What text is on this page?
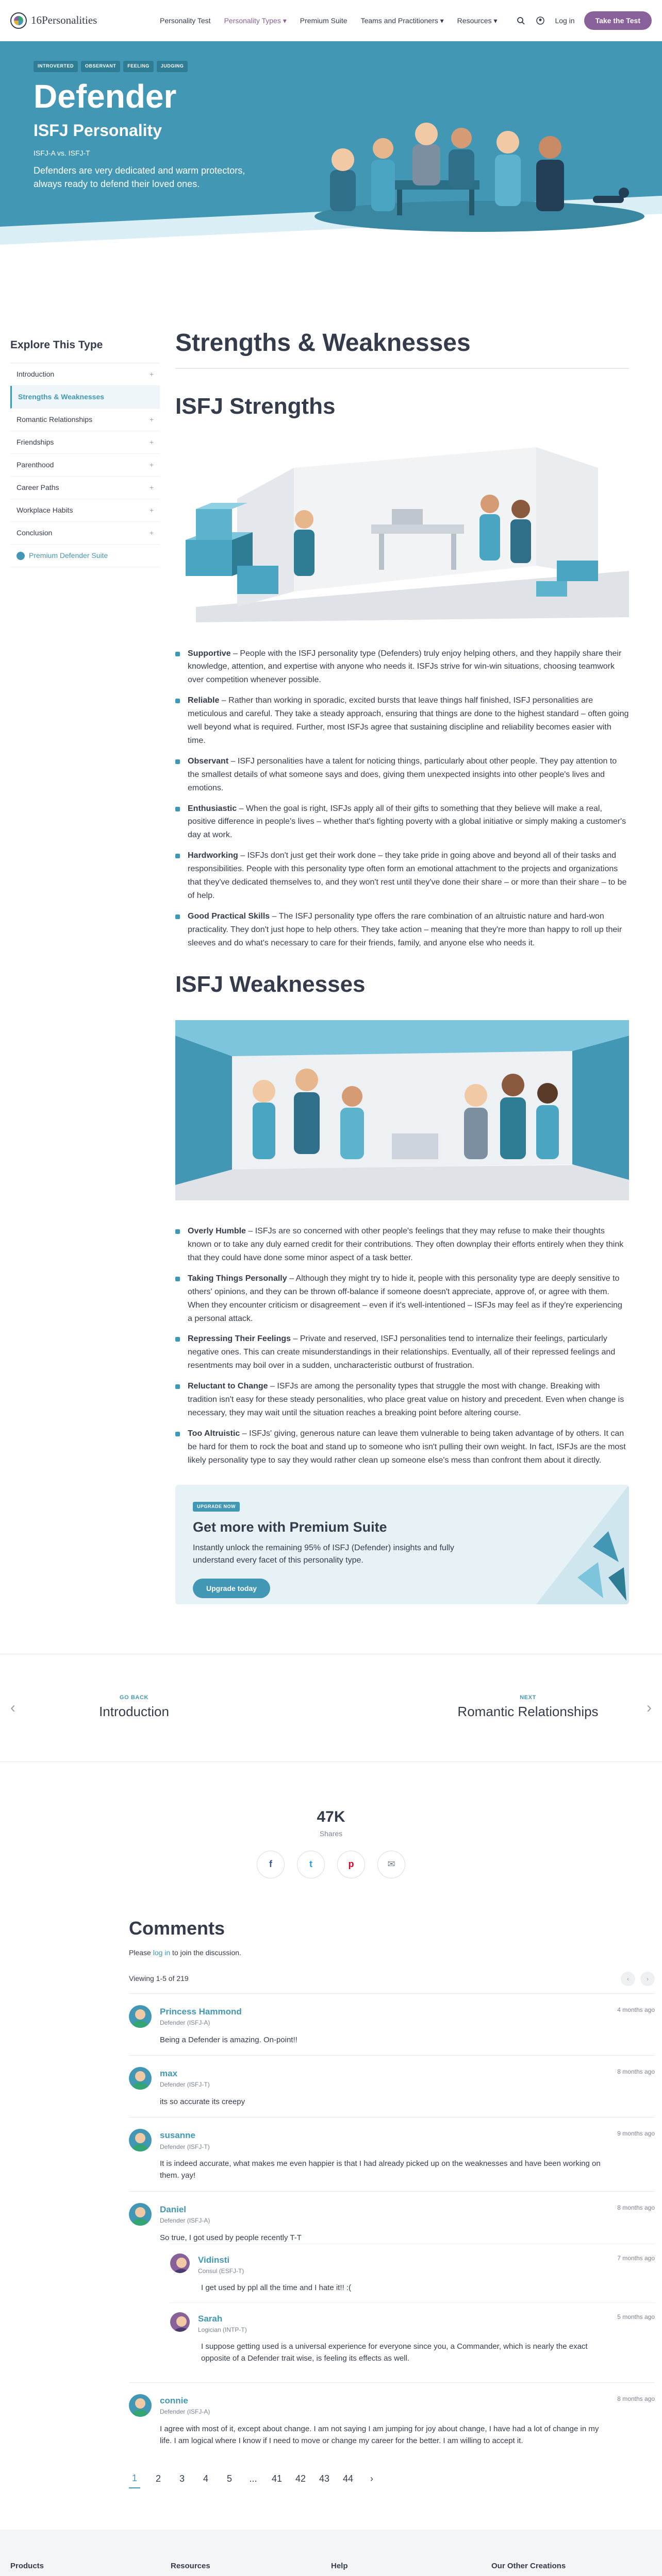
16Personalities	Personality Test Personality Types ▾ Premium Suite Teams and Practitioners ▾ Resources ▾	Log in	Take the Test
INTROVERTED	OBSERVANT	FEELING	JUDGING
Defender
ISFJ Personality
ISFJ-A vs. ISFJ-T
Defenders are very dedicated and warm protectors, always ready to defend their loved ones.
Explore This Type
Introduction	+
Strengths & Weaknesses
Romantic Relationships	+
Friendships	+
Parenthood	+
Career Paths	+
Workplace Habits	+
Conclusion	+
Premium Defender Suite
Strengths & Weaknesses
ISFJ Strengths
Supportive – People with the ISFJ personality type (Defenders) truly enjoy helping others, and they happily share their knowledge, attention, and expertise with anyone who needs it. ISFJs strive for win-win situations, choosing teamwork over competition whenever possible.
Reliable – Rather than working in sporadic, excited bursts that leave things half finished, ISFJ personalities are meticulous and careful. They take a steady approach, ensuring that things are done to the highest standard – often going well beyond what is required. Further, most ISFJs agree that sustaining discipline and reliability becomes easier with time.
Observant – ISFJ personalities have a talent for noticing things, particularly about other people. They pay attention to the smallest details of what someone says and does, giving them unexpected insights into other people's lives and emotions.
Enthusiastic – When the goal is right, ISFJs apply all of their gifts to something that they believe will make a real, positive difference in people's lives – whether that's fighting poverty with a global initiative or simply making a customer's day at work.
Hardworking – ISFJs don't just get their work done – they take pride in going above and beyond all of their tasks and responsibilities. People with this personality type often form an emotional attachment to the projects and organizations that they've dedicated themselves to, and they won't rest until they've done their share – or more than their share – to be of help.
Good Practical Skills – The ISFJ personality type offers the rare combination of an altruistic nature and hard-won practicality. They don't just hope to help others. They take action – meaning that they're more than happy to roll up their sleeves and do what's necessary to care for their friends, family, and anyone else who needs it.
ISFJ Weaknesses
Overly Humble – ISFJs are so concerned with other people's feelings that they may refuse to make their thoughts known or to take any duly earned credit for their contributions. They often downplay their efforts entirely when they think that they could have done some minor aspect of a task better.
Taking Things Personally – Although they might try to hide it, people with this personality type are deeply sensitive to others' opinions, and they can be thrown off-balance if someone doesn't appreciate, approve of, or agree with them. When they encounter criticism or disagreement – even if it's well-intentioned – ISFJs may feel as if they're experiencing a personal attack.
Repressing Their Feelings – Private and reserved, ISFJ personalities tend to internalize their feelings, particularly negative ones. This can create misunderstandings in their relationships. Eventually, all of their repressed feelings and resentments may boil over in a sudden, uncharacteristic outburst of frustration.
Reluctant to Change – ISFJs are among the personality types that struggle the most with change. Breaking with tradition isn't easy for these steady personalities, who place great value on history and precedent. Even when change is necessary, they may wait until the situation reaches a breaking point before altering course.
Too Altruistic – ISFJs' giving, generous nature can leave them vulnerable to being taken advantage of by others. It can be hard for them to rock the boat and stand up to someone who isn't pulling their own weight. In fact, ISFJs are the most likely personality type to say they would rather clean up someone else's mess than confront them about it directly.
UPGRADE NOW
Get more with Premium Suite
Instantly unlock the remaining 95% of ISFJ (Defender) insights and fully understand every facet of this personality type.
Upgrade today
‹
GO BACK
Introduction
NEXT
Romantic Relationships	›
47K
Shares
f	t	p	✉
Comments
Please log in to join the discussion.
Viewing 1-5 of 219	‹	›
Princess Hammond
Defender (ISFJ-A)
4 months ago
Being a Defender is amazing. On-point!!
max
Defender (ISFJ-T)
8 months ago
its so accurate its creepy
susanne
Defender (ISFJ-T)
9 months ago
It is indeed accurate, what makes me even happier is that I had already picked up on the weaknesses and have been working on them. yay!
Daniel
Defender (ISFJ-A)
8 months ago
So true, I got used by people recently T-T
Vidinsti
Consul (ESFJ-T)
7 months ago
I get used by ppl all the time and I hate it!! :(
Sarah
Logician (INTP-T)
5 months ago
I suppose getting used is a universal experience for everyone since you, a Commander, which is nearly the exact opposite of a Defender trait wise, is feeling its effects as well.
connie
Defender (ISFJ-A)
8 months ago
I agree with most of it, except about change. I am not saying I am jumping for joy about change, I have had a lot of change in my life. I am logical where I know if I need to move or change my career for the better. I am willing to accept it.
1	2	3	4	5	... 41 42 43 44	›
Products	Resources	Help	Our Other Creations
